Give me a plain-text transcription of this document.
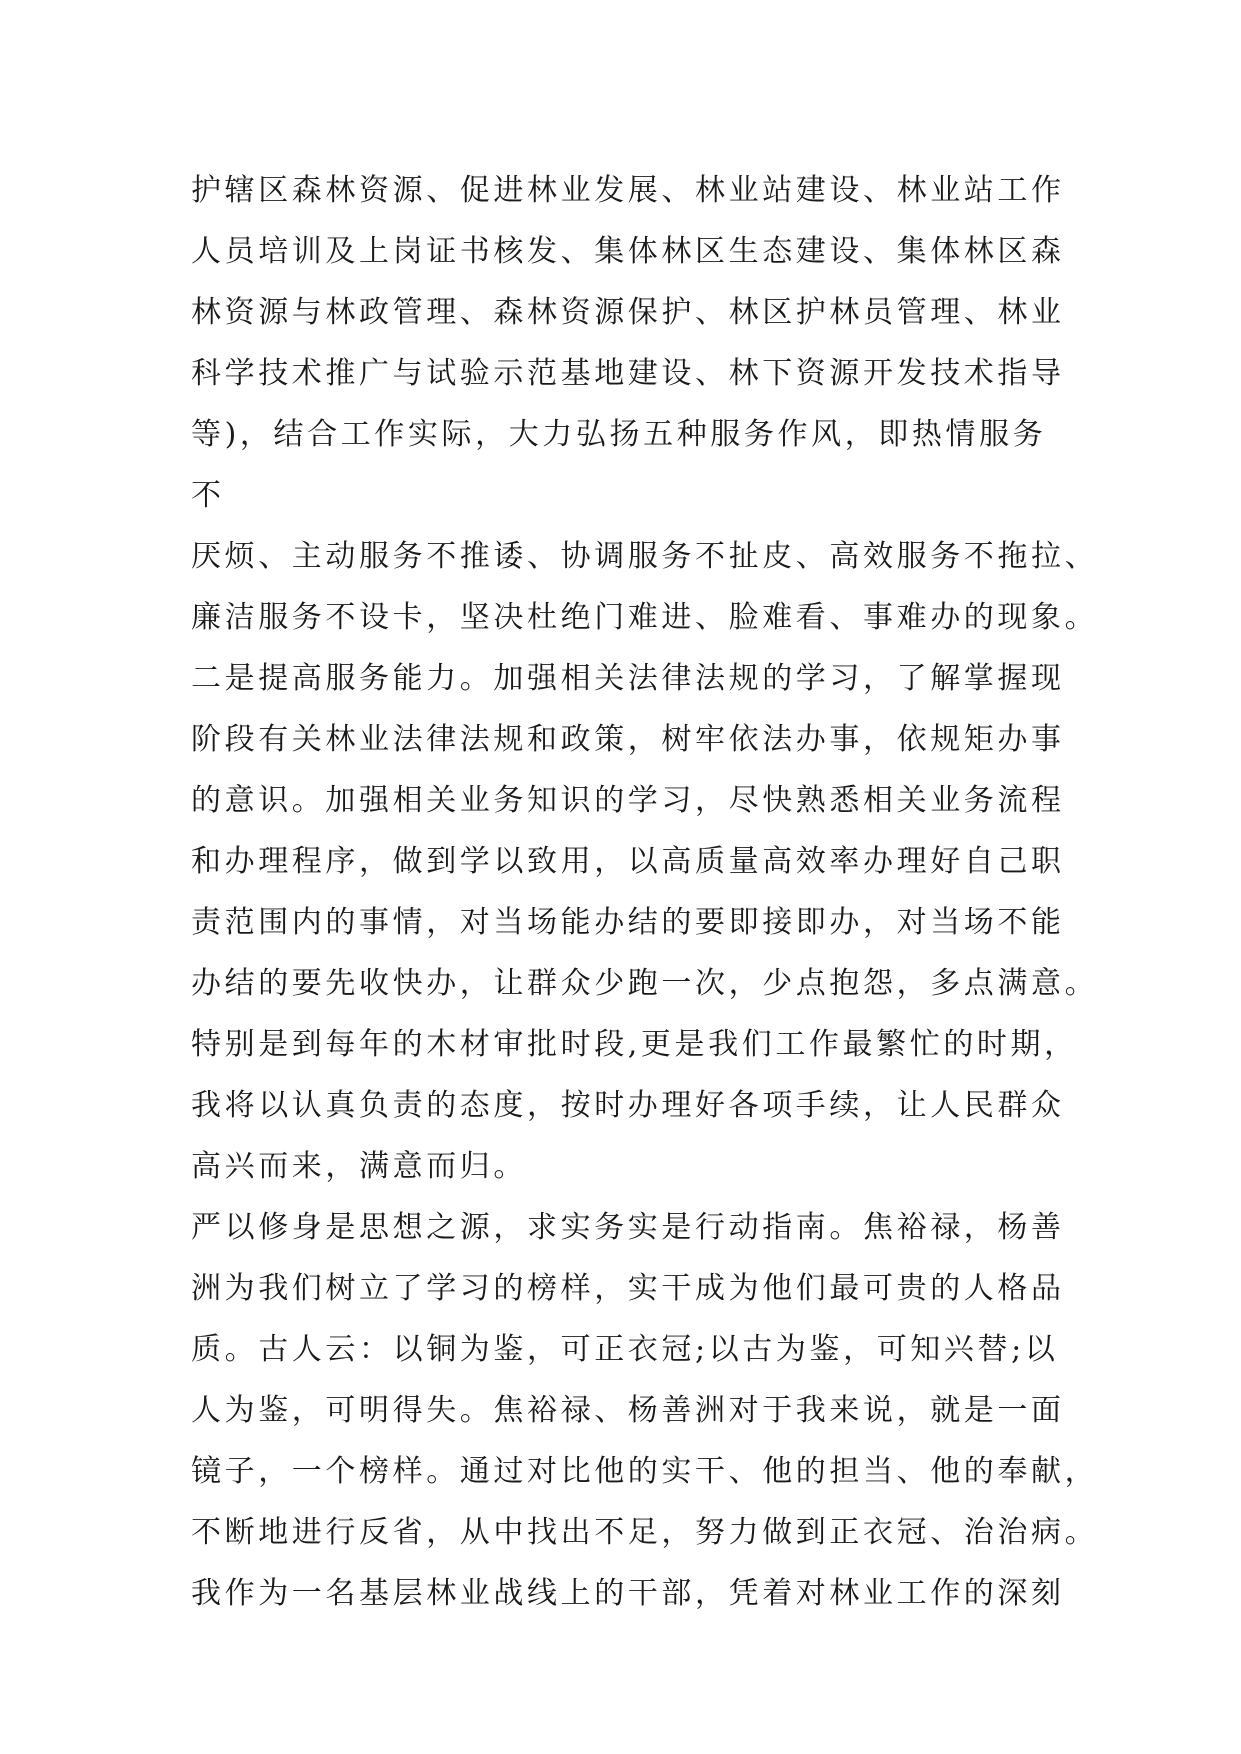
护辖区森林资源、促进林业发展、林业站建设、林业站工作
人员培训及上岗证书核发、集体林区生态建设、集体林区森
林资源与林政管理、森林资源保护、林区护林员管理、林业
科学技术推广与试验示范基地建设、林下资源开发技术指导
等)，结合工作实际，大力弘扬五种服务作风，即热情服务
不
厌烦、主动服务不推诿、协调服务不扯皮、高效服务不拖拉、
廉洁服务不设卡，坚决杜绝门难进、脸难看、事难办的现象。
二是提高服务能力。加强相关法律法规的学习，了解掌握现
阶段有关林业法律法规和政策，树牢依法办事，依规矩办事
的意识。加强相关业务知识的学习，尽快熟悉相关业务流程
和办理程序，做到学以致用，以高质量高效率办理好自己职
责范围内的事情，对当场能办结的要即接即办，对当场不能
办结的要先收快办，让群众少跑一次，少点抱怨，多点满意。
特别是到每年的木材审批时段,更是我们工作最繁忙的时期，
我将以认真负责的态度，按时办理好各项手续，让人民群众
高兴而来，满意而归。
严以修身是思想之源，求实务实是行动指南。焦裕禄，杨善
洲为我们树立了学习的榜样，实干成为他们最可贵的人格品
质。古人云：以铜为鉴，可正衣冠;以古为鉴，可知兴替;以
人为鉴，可明得失。焦裕禄、杨善洲对于我来说，就是一面
镜子，一个榜样。通过对比他的实干、他的担当、他的奉献，
不断地进行反省，从中找出不足，努力做到正衣冠、治治病。
我作为一名基层林业战线上的干部，凭着对林业工作的深刻
